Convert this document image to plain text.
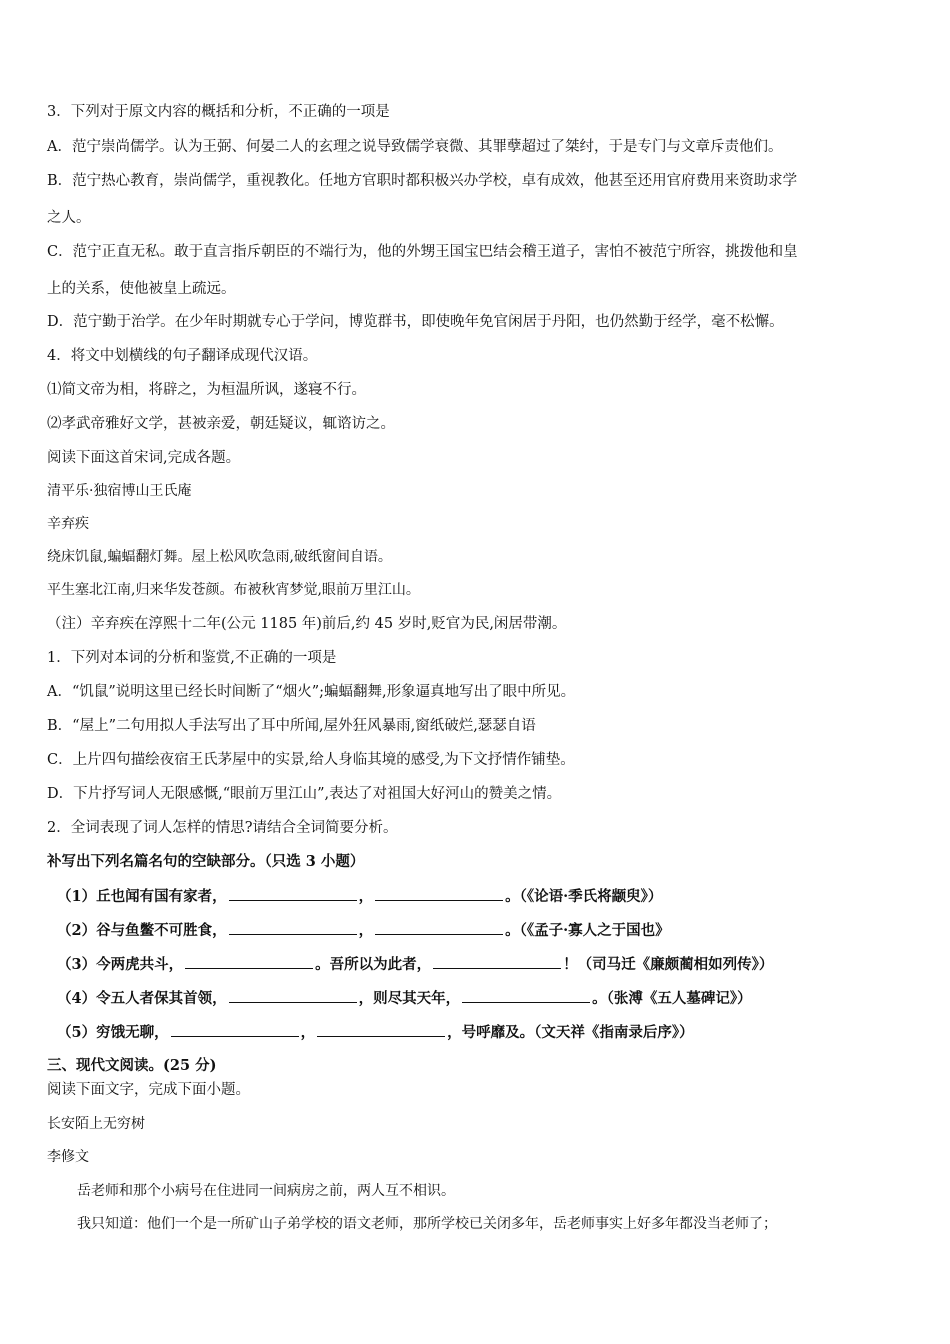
3．下列对于原文内容的概括和分析，不正确的一项是
A．范宁崇尚儒学。认为王弼、何晏二人的玄理之说导致儒学衰微、其罪孽超过了桀纣，于是专门与文章斥责他们。
B．范宁热心教育，崇尚儒学，重视教化。任地方官职时都积极兴办学校，卓有成效，他甚至还用官府费用来资助求学
之人。
C．范宁正直无私。敢于直言指斥朝臣的不端行为，他的外甥王国宝巴结会稽王道子，害怕不被范宁所容，挑拨他和皇
上的关系，使他被皇上疏远。
D．范宁勤于治学。在少年时期就专心于学问，博览群书，即使晚年免官闲居于丹阳，也仍然勤于经学，毫不松懈。
4．将文中划横线的句子翻译成现代汉语。
⑴简文帝为相，将辟之，为桓温所讽，遂寝不行。
⑵孝武帝雅好文学，甚被亲爱，朝廷疑议，辄谘访之。
阅读下面这首宋词,完成各题。
清平乐·独宿博山王氏庵
辛弃疾
绕床饥鼠,蝙蝠翻灯舞。屋上松风吹急雨,破纸窗间自语。
平生塞北江南,归来华发苍颜。布被秋宵梦觉,眼前万里江山。
（注）辛弃疾在淳熙十二年(公元 1185 年)前后,约 45 岁时,贬官为民,闲居带潮。
1．下列对本词的分析和鉴赏,不正确的一项是
A．“饥鼠”说明这里已经长时间断了“烟火”;蝙蝠翻舞,形象逼真地写出了眼中所见。
B．“屋上”二句用拟人手法写出了耳中所闻,屋外狂风暴雨,窗纸破烂,瑟瑟自语
C．上片四句描绘夜宿王氏茅屋中的实景,给人身临其境的感受,为下文抒情作铺垫。
D．下片抒写词人无限感慨,“眼前万里江山”,表达了对祖国大好河山的赞美之情。
2．全词表现了词人怎样的情思?请结合全词简要分析。
补写出下列名篇名句的空缺部分。（只选 3 小题）
（1）丘也闻有国有家者，	，	。（《论语·季氏将颛臾》）
（2）谷与鱼鳖不可胜食，	，	。（《孟子·寡人之于国也》
（3）今两虎共斗，	。吾所以为此者，	！（司马迁《廉颇蔺相如列传》）
（4）令五人者保其首领，	，则尽其天年，	。（张溥《五人墓碑记》）
（5）穷饿无聊，	，	，号呼靡及。（文天祥《指南录后序》）
三、现代文阅读。(25 分)
阅读下面文字，完成下面小题。
长安陌上无穷树
李修文
岳老师和那个小病号在住进同一间病房之前，两人互不相识。
我只知道：他们一个是一所矿山子弟学校的语文老师，那所学校已关闭多年，岳老师事实上好多年都没当老师了；
